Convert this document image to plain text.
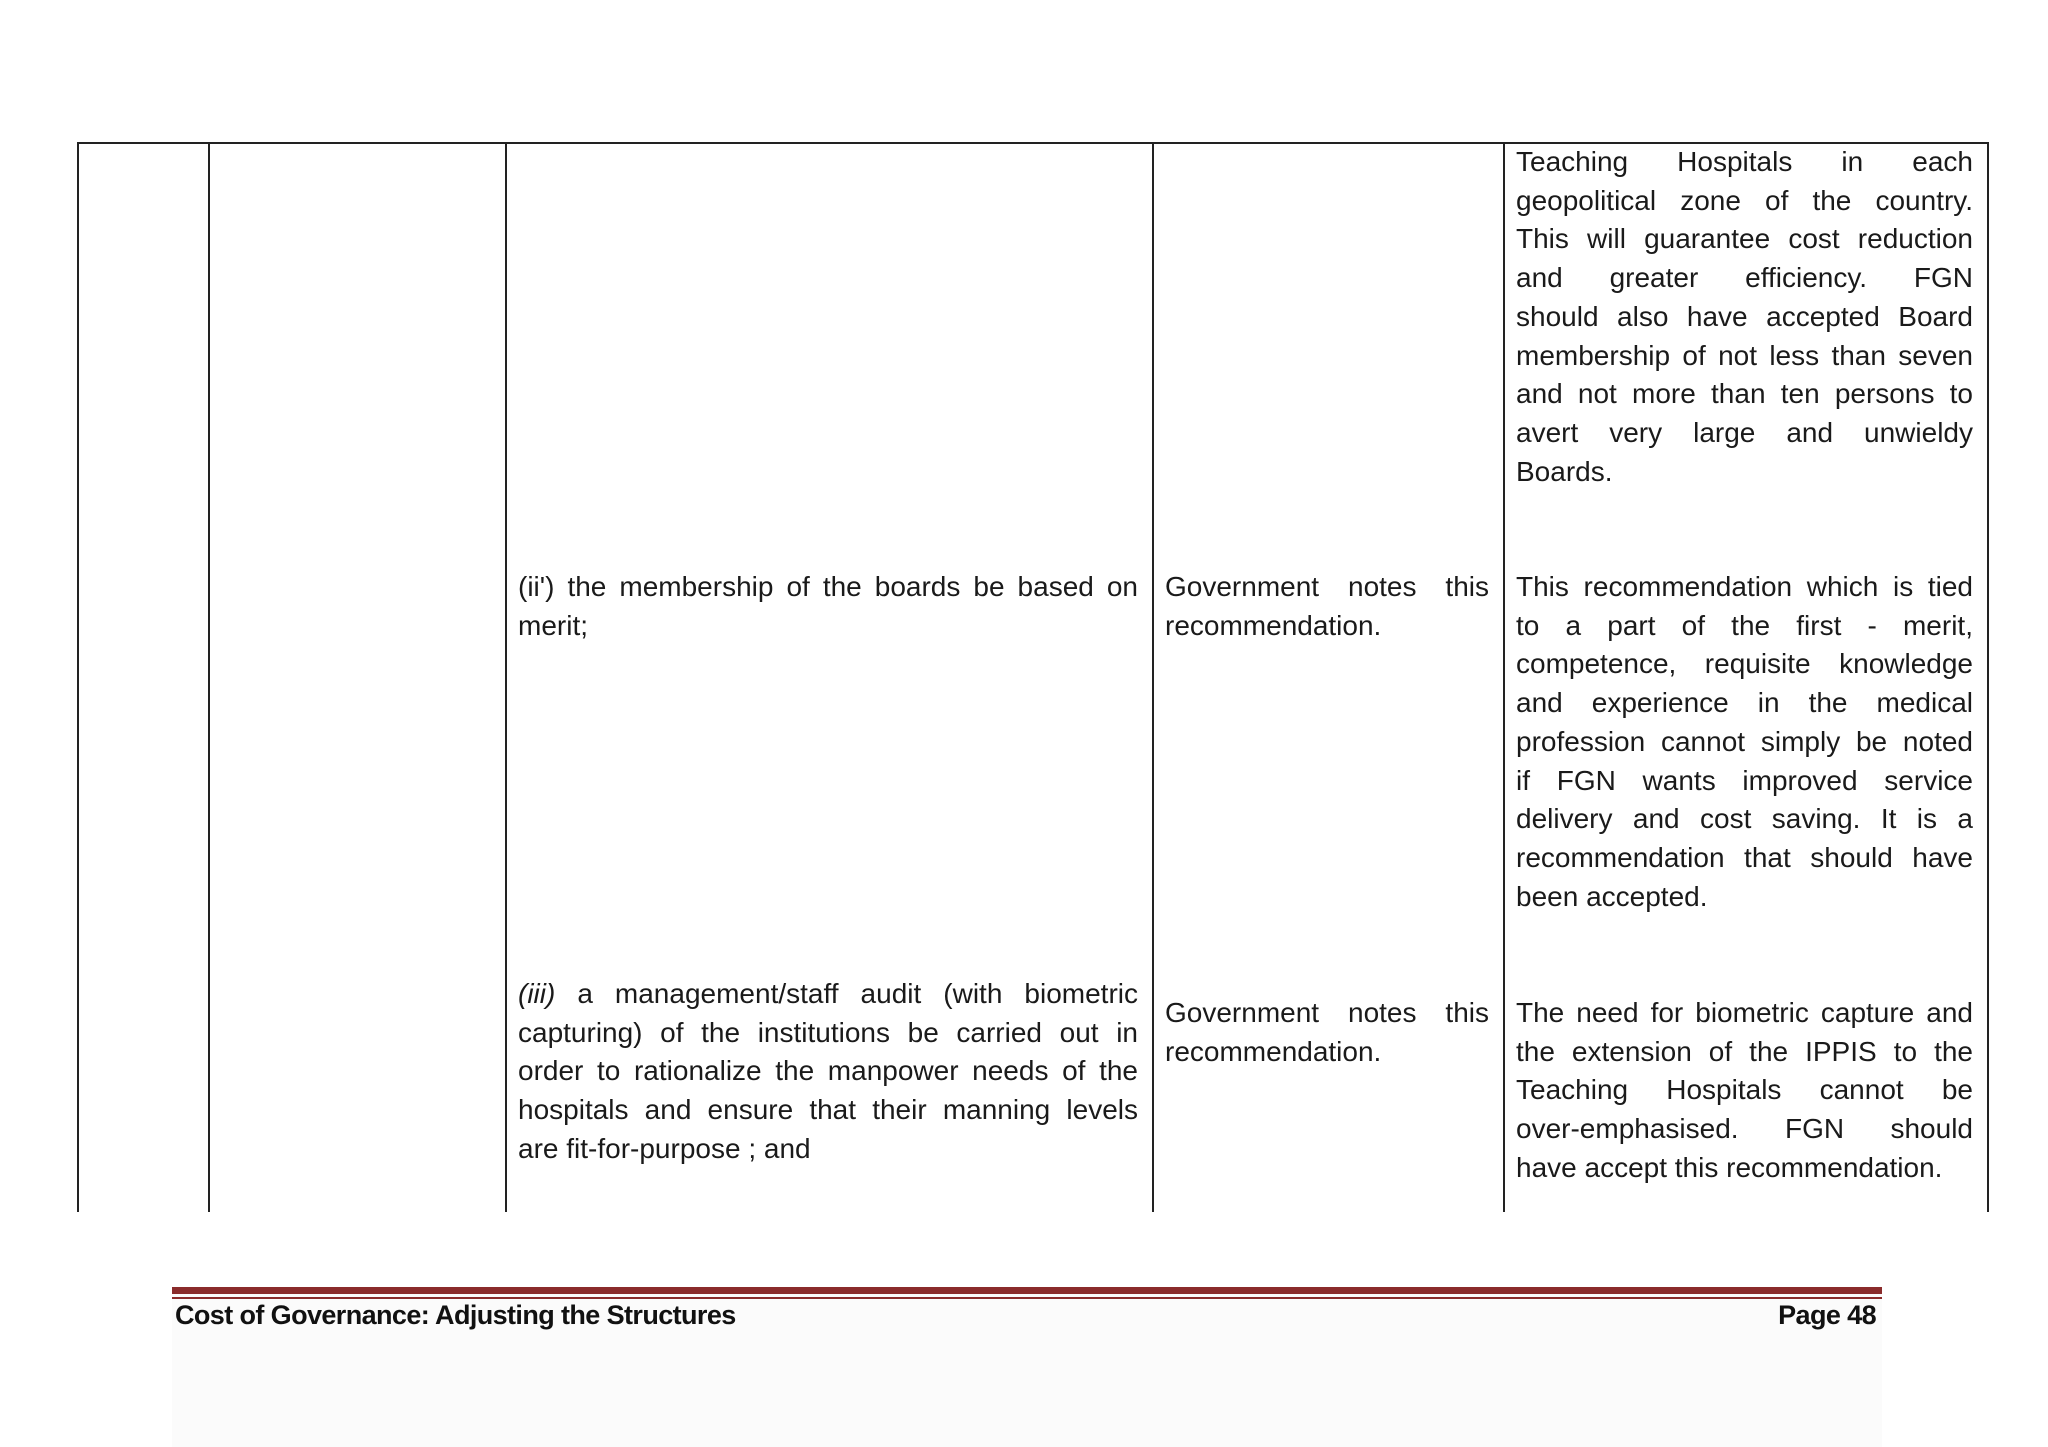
Teaching Hospitals in each
geopolitical zone of the country.
This will guarantee cost reduction
and greater efficiency. FGN
should also have accepted Board
membership of not less than seven
and not more than ten persons to
avert very large and unwieldy
Boards.
(ii') the membership of the boards be based on
merit;
Government notes this
recommendation.
This recommendation which is tied
to a part of the first - merit,
competence, requisite knowledge
and experience in the medical
profession cannot simply be noted
if FGN wants improved service
delivery and cost saving. It is a
recommendation that should have
been accepted.
(iii) a management/staff audit (with biometric
capturing) of the institutions be carried out in
order to rationalize the manpower needs of the
hospitals and ensure that their manning levels
are fit-for-purpose ; and
Government notes this
recommendation.
The need for biometric capture and
the extension of the IPPIS to the
Teaching Hospitals cannot be
over-emphasised. FGN should
have accept this recommendation.
Cost of Governance: Adjusting the Structures	Page 48
